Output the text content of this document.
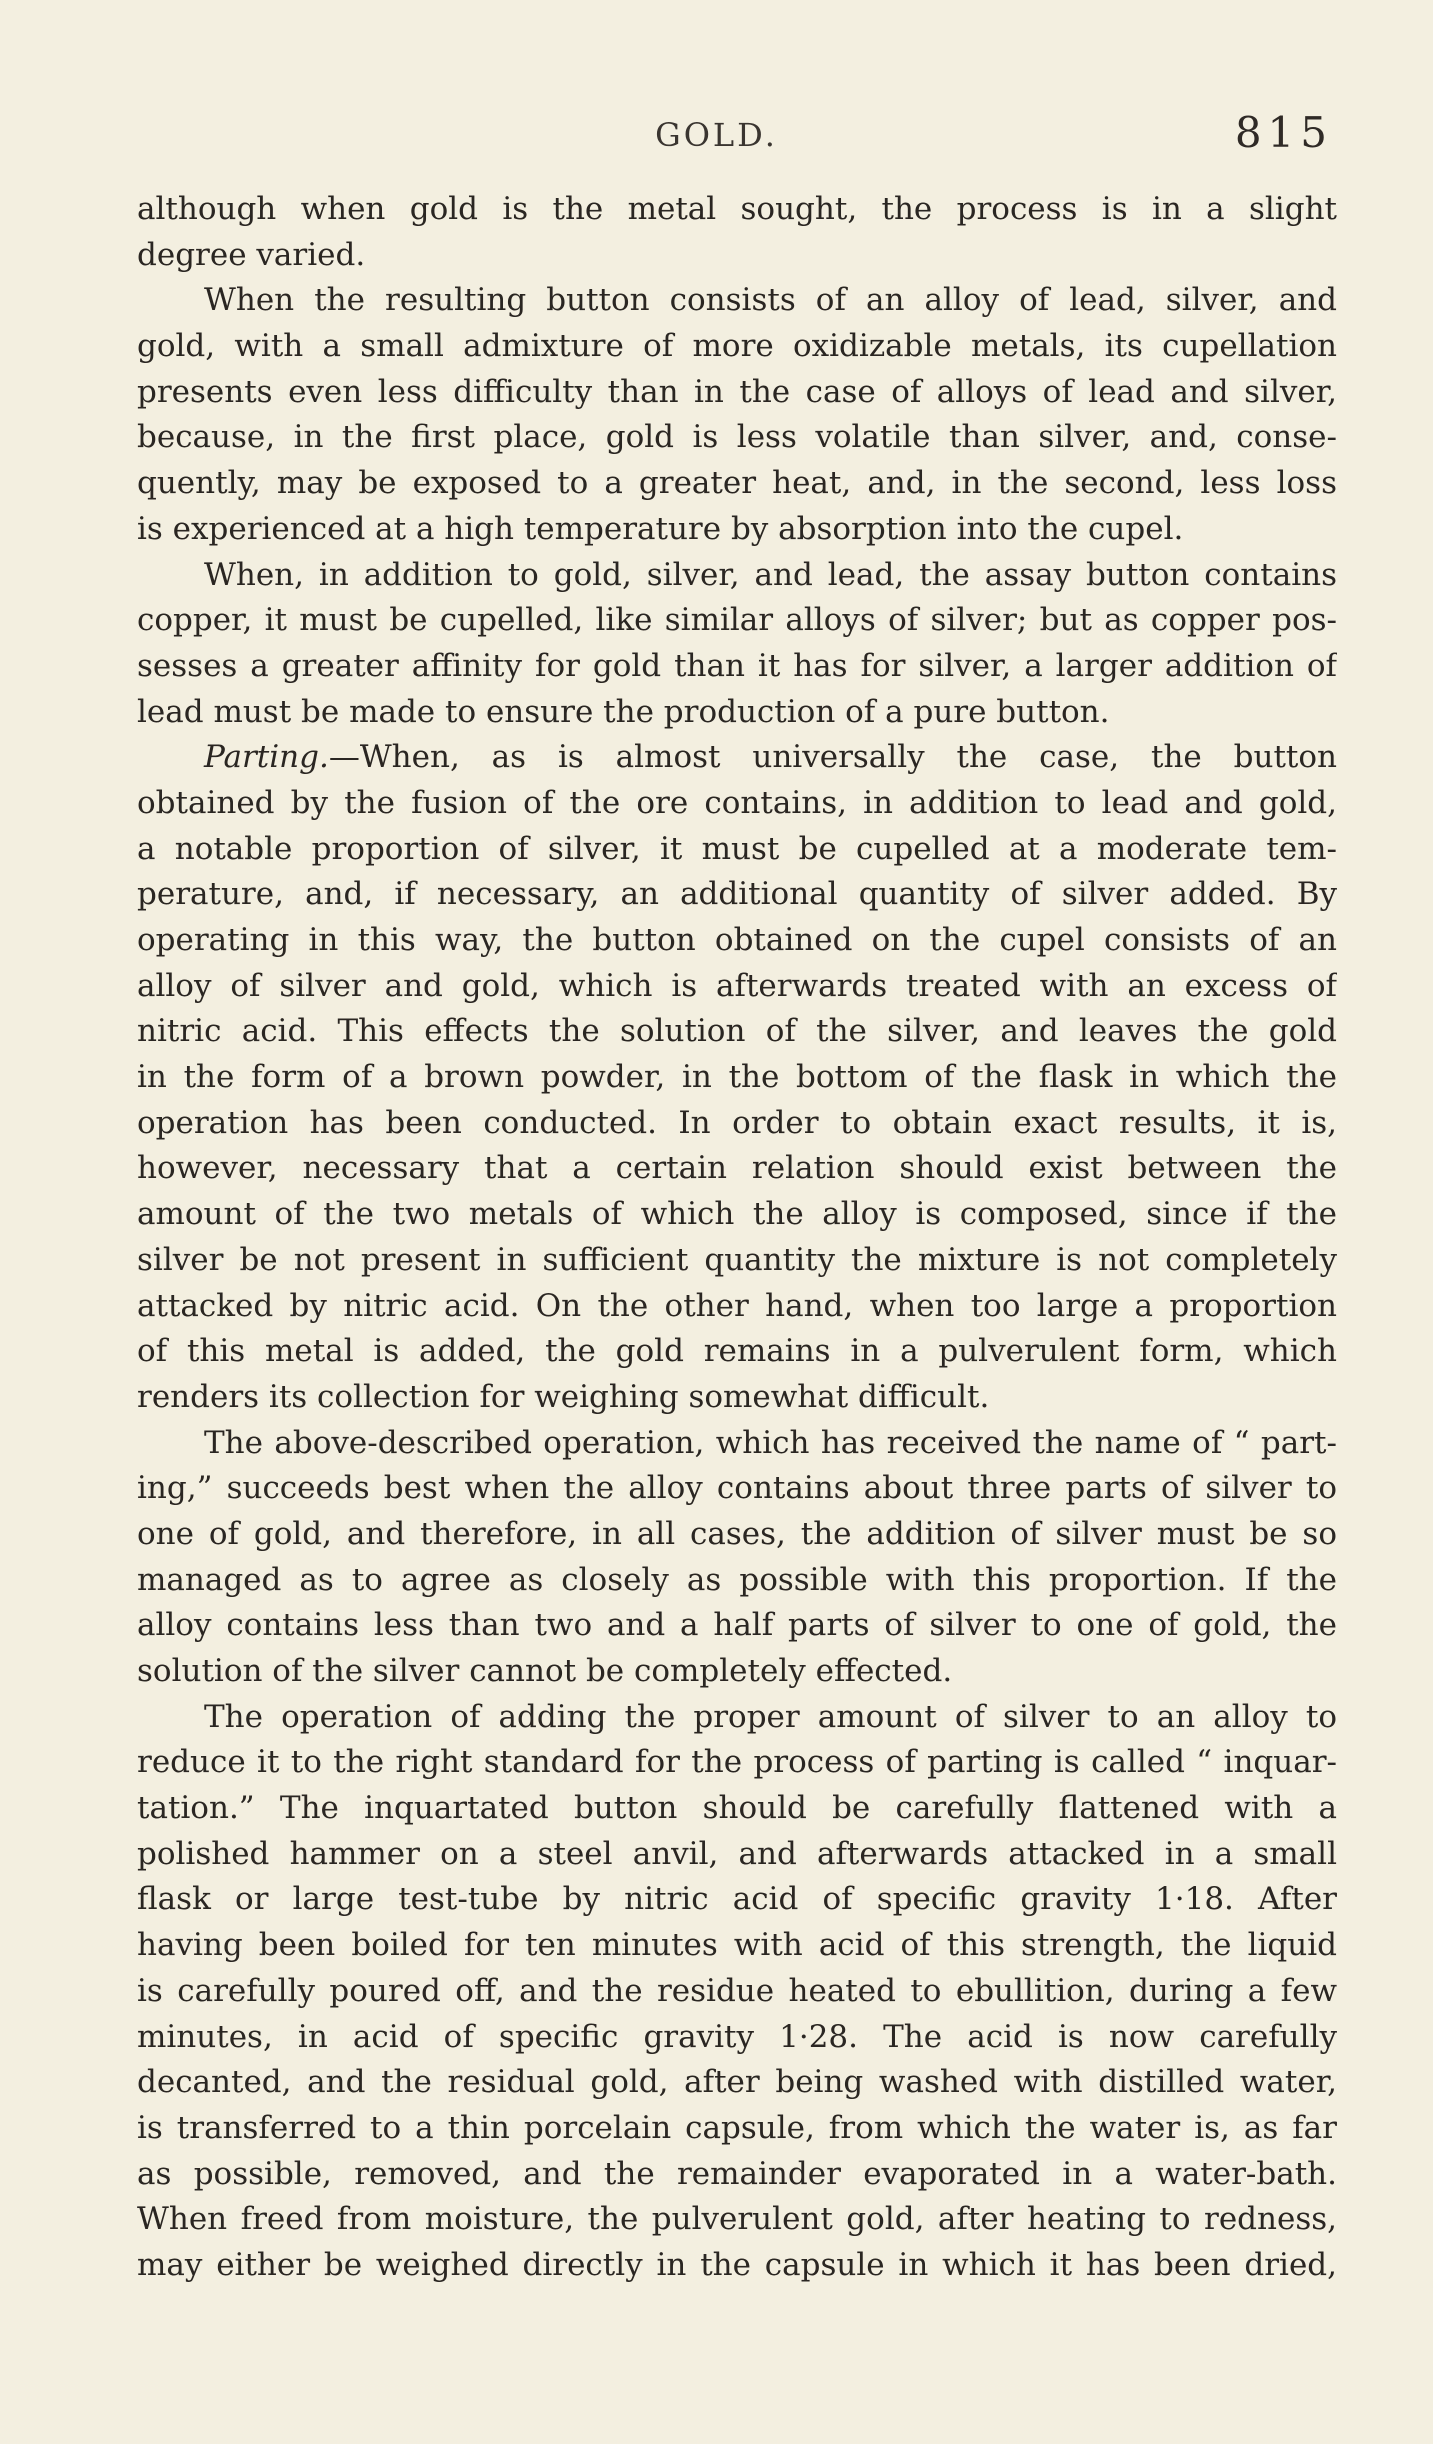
GOLD.	815
although when gold is the metal sought, the process is in a slight
degree varied.
When the resulting button consists of an alloy of lead, silver, and
gold, with a small admixture of more oxidizable metals, its cupellation
presents even less difficulty than in the case of alloys of lead and silver,
because, in the first place, gold is less volatile than silver, and, conse-
quently, may be exposed to a greater heat, and, in the second, less loss
is experienced at a high temperature by absorption into the cupel.
When, in addition to gold, silver, and lead, the assay button contains
copper, it must be cupelled, like similar alloys of silver; but as copper pos-
sesses a greater affinity for gold than it has for silver, a larger addition of
lead must be made to ensure the production of a pure button.
Parting.—When, as is almost universally the case, the button
obtained by the fusion of the ore contains, in addition to lead and gold,
a notable proportion of silver, it must be cupelled at a moderate tem-
perature, and, if necessary, an additional quantity of silver added. By
operating in this way, the button obtained on the cupel consists of an
alloy of silver and gold, which is afterwards treated with an excess of
nitric acid. This effects the solution of the silver, and leaves the gold
in the form of a brown powder, in the bottom of the flask in which the
operation has been conducted. In order to obtain exact results, it is,
however, necessary that a certain relation should exist between the
amount of the two metals of which the alloy is composed, since if the
silver be not present in sufficient quantity the mixture is not completely
attacked by nitric acid. On the other hand, when too large a proportion
of this metal is added, the gold remains in a pulverulent form, which
renders its collection for weighing somewhat difficult.
The above-described operation, which has received the name of “ part-
ing,” succeeds best when the alloy contains about three parts of silver to
one of gold, and therefore, in all cases, the addition of silver must be so
managed as to agree as closely as possible with this proportion. If the
alloy contains less than two and a half parts of silver to one of gold, the
solution of the silver cannot be completely effected.
The operation of adding the proper amount of silver to an alloy to
reduce it to the right standard for the process of parting is called “ inquar-
tation.” The inquartated button should be carefully flattened with a
polished hammer on a steel anvil, and afterwards attacked in a small
flask or large test-tube by nitric acid of specific gravity 1·18. After
having been boiled for ten minutes with acid of this strength, the liquid
is carefully poured off, and the residue heated to ebullition, during a few
minutes, in acid of specific gravity 1·28. The acid is now carefully
decanted, and the residual gold, after being washed with distilled water,
is transferred to a thin porcelain capsule, from which the water is, as far
as possible, removed, and the remainder evaporated in a water-bath.
When freed from moisture, the pulverulent gold, after heating to redness,
may either be weighed directly in the capsule in which it has been dried,
